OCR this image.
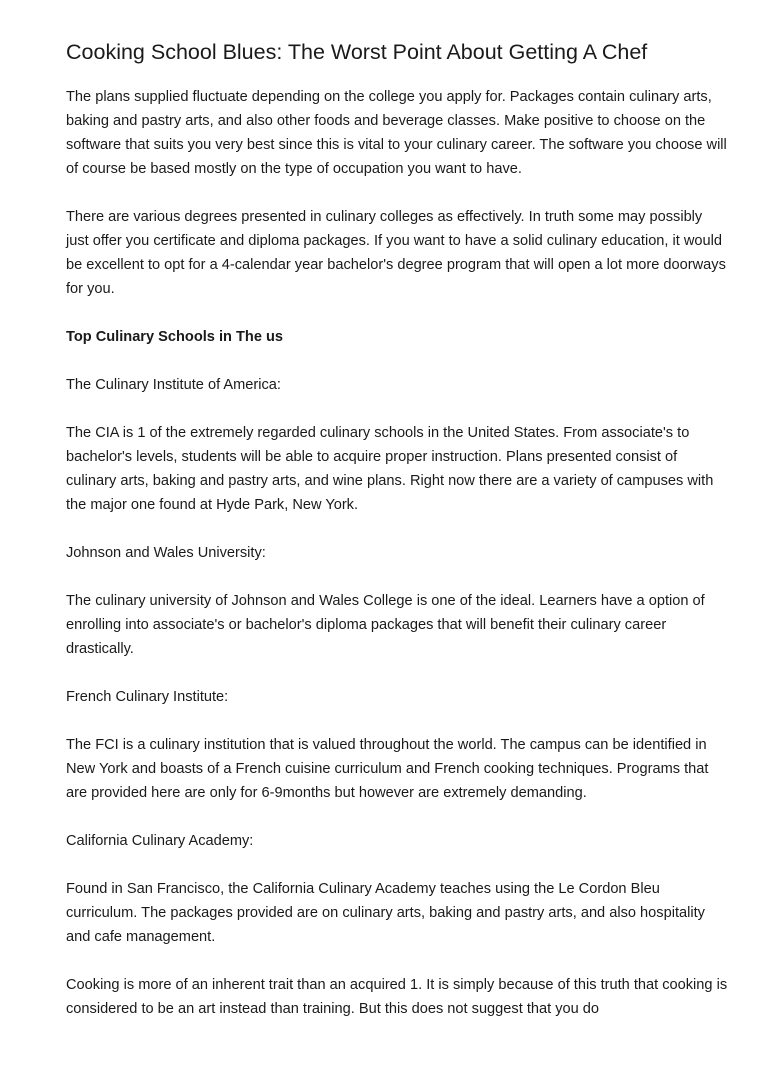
Cooking School Blues: The Worst Point About Getting A Chef

The plans supplied fluctuate depending on the college you apply for. Packages contain culinary arts, baking and pastry arts, and also other foods and beverage classes. Make positive to choose on the software that suits you very best since this is vital to your culinary career. The software you choose will of course be based mostly on the type of occupation you want to have.

There are various degrees presented in culinary colleges as effectively. In truth some may possibly just offer you certificate and diploma packages. If you want to have a solid culinary education, it would be excellent to opt for a 4-calendar year bachelor's degree program that will open a lot more doorways for you.

Top Culinary Schools in The us

The Culinary Institute of America:

The CIA is 1 of the extremely regarded culinary schools in the United States. From associate's to bachelor's levels, students will be able to acquire proper instruction. Plans presented consist of culinary arts, baking and pastry arts, and wine plans. Right now there are a variety of campuses with the major one found at Hyde Park, New York.

Johnson and Wales University:

The culinary university of Johnson and Wales College is one of the ideal. Learners have a option of enrolling into associate's or bachelor's diploma packages that will benefit their culinary career drastically.

French Culinary Institute:

The FCI is a culinary institution that is valued throughout the world. The campus can be identified in New York and boasts of a French cuisine curriculum and French cooking techniques. Programs that are provided here are only for 6-9months but however are extremely demanding.

California Culinary Academy:

Found in San Francisco, the California Culinary Academy teaches using the Le Cordon Bleu curriculum. The packages provided are on culinary arts, baking and pastry arts, and also hospitality and cafe management.

Cooking is more of an inherent trait than an acquired 1. It is simply because of this truth that cooking is considered to be an art instead than training. But this does not suggest that you do
